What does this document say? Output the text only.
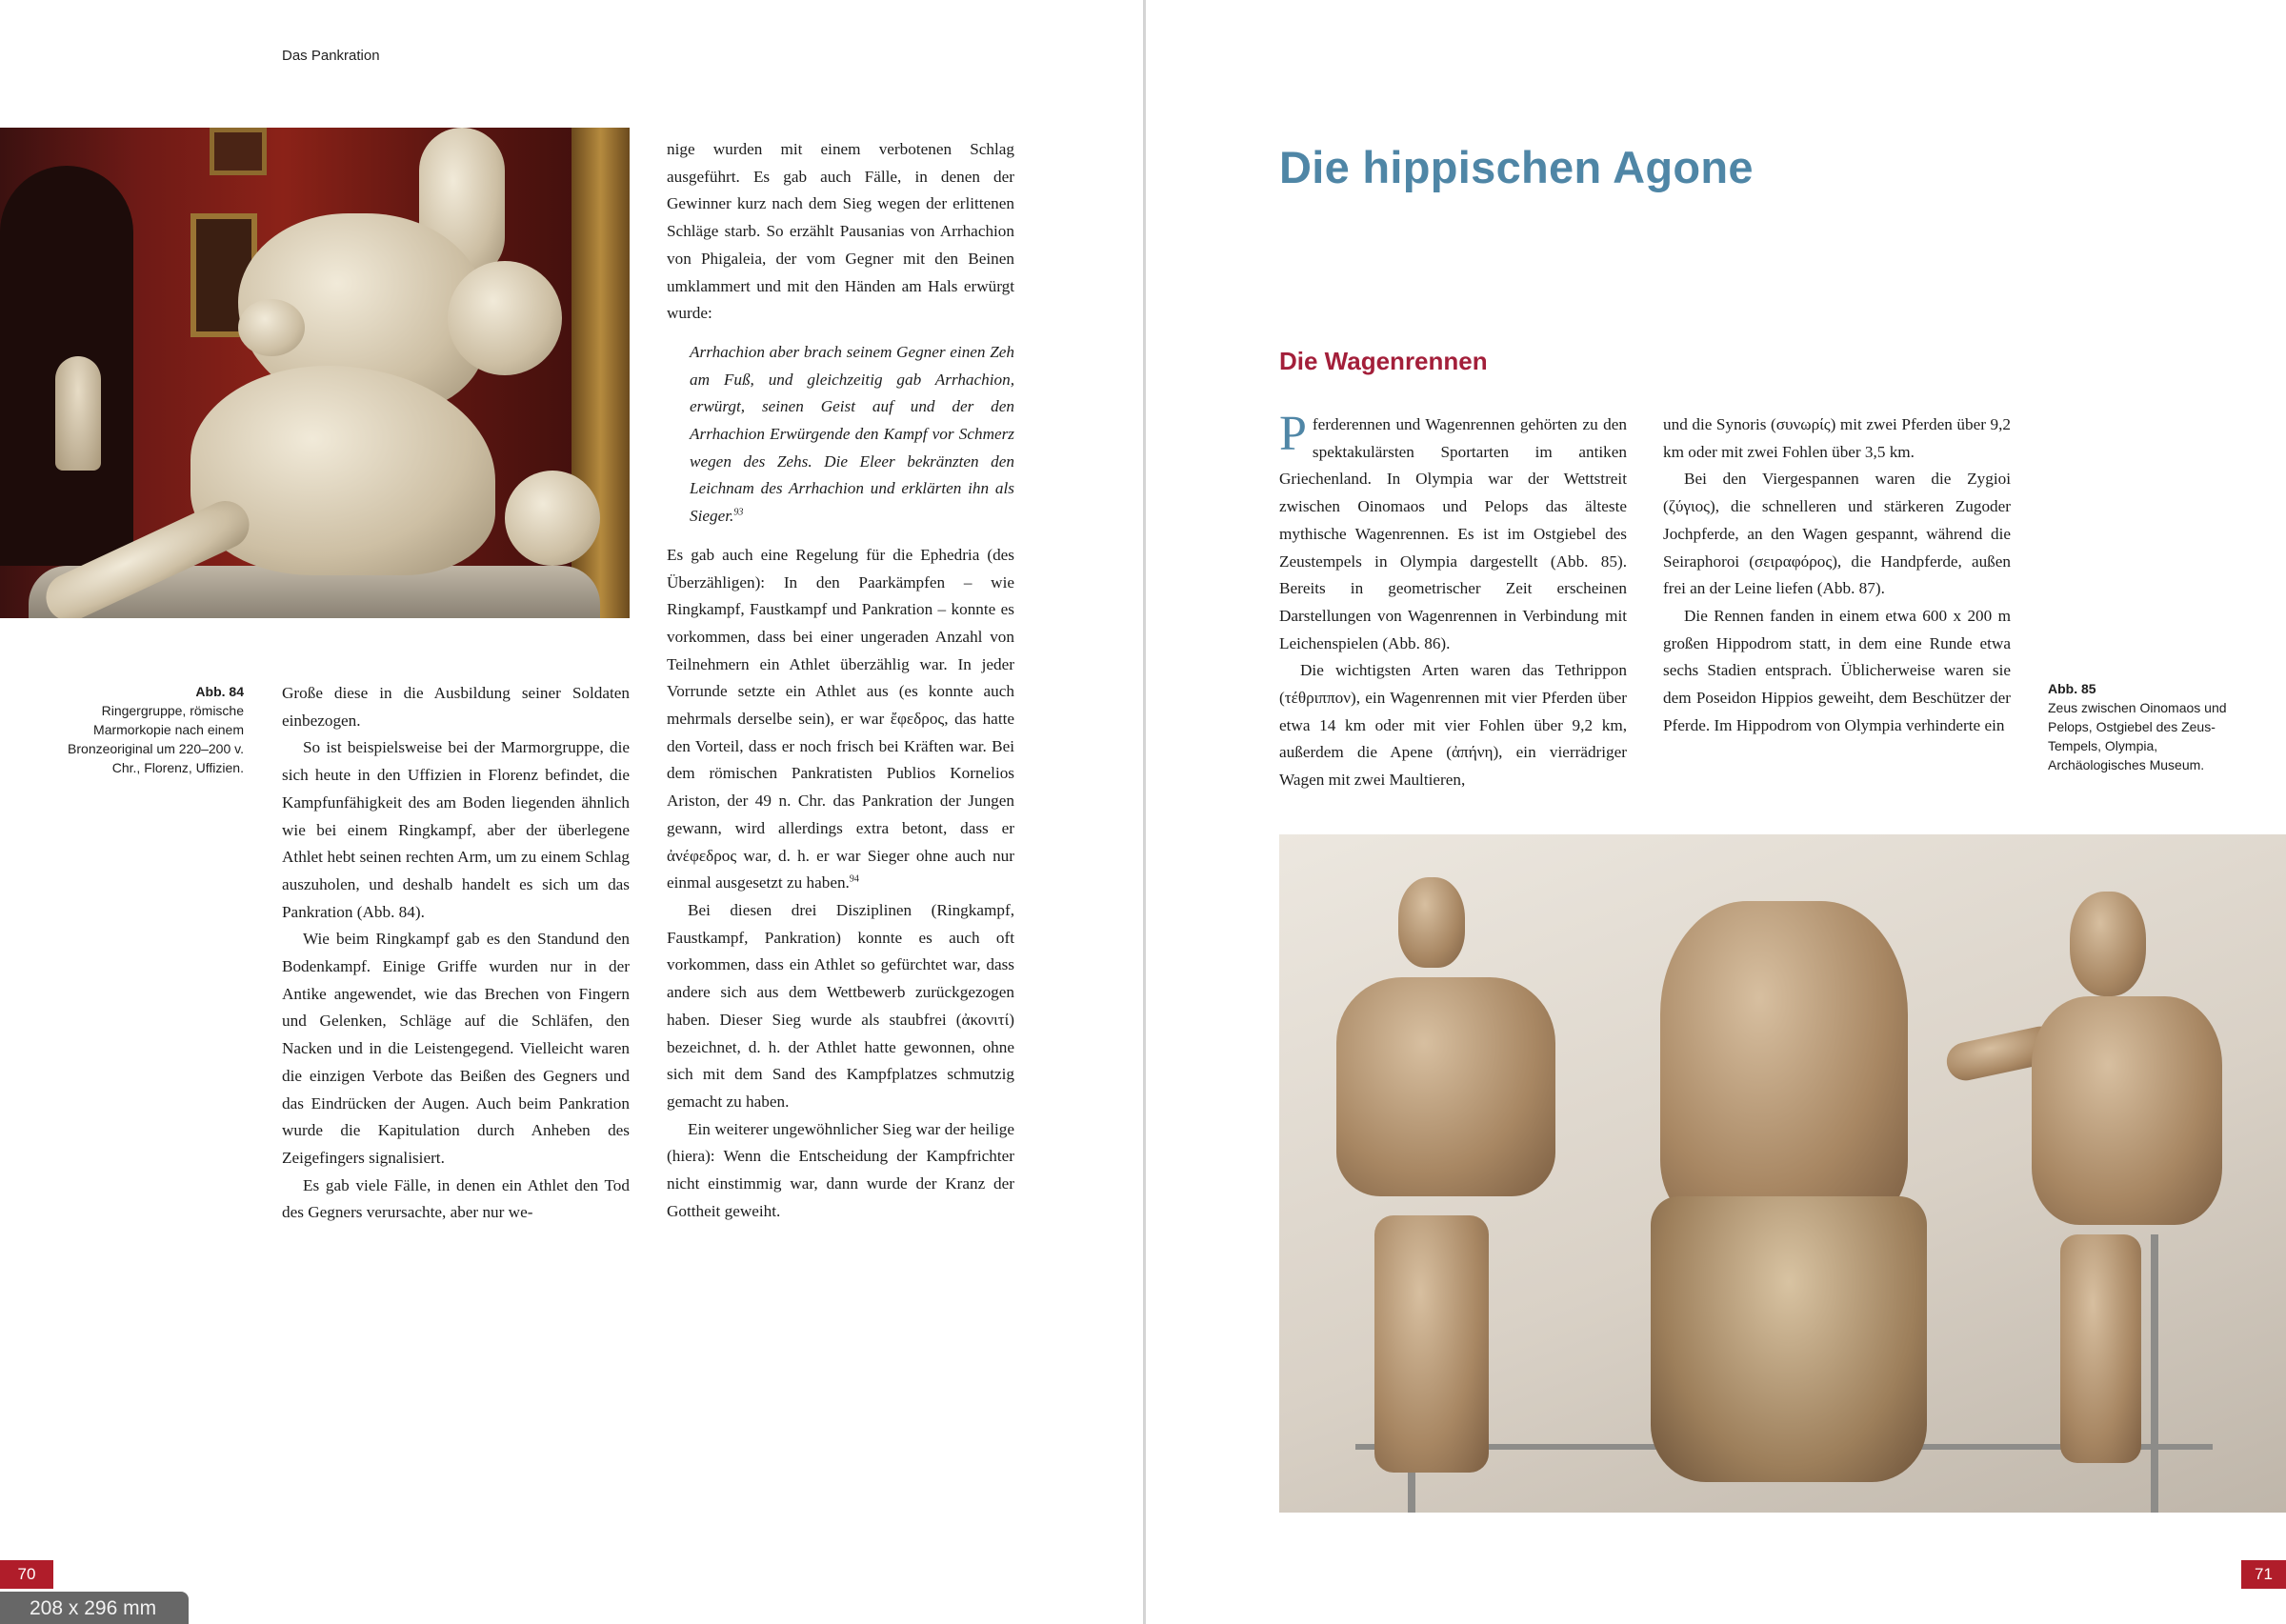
Das Pankration
Abb. 84
Ringergruppe, römische Marmorkopie nach einem Bronzeoriginal um 220–200 v. Chr., Florenz, Uffizien.

Große diese in die Ausbildung seiner Soldaten einbezogen.

So ist beispielsweise bei der Marmorgruppe, die sich heute in den Uffizien in Florenz befindet, die Kampfunfähigkeit des am Boden liegenden ähnlich wie bei einem Ringkampf, aber der überlegene Athlet hebt seinen rechten Arm, um zu einem Schlag auszuholen, und deshalb handelt es sich um das Pankration (Abb. 84).

Wie beim Ringkampf gab es den Standund den Bodenkampf. Einige Griffe wurden nur in der Antike angewendet, wie das Brechen von Fingern und Gelenken, Schläge auf die Schläfen, den Nacken und in die Leistengegend. Vielleicht waren die einzigen Verbote das Beißen des Gegners und das Eindrücken der Augen. Auch beim Pankration wurde die Kapitulation durch Anheben des Zeigefingers signalisiert.

Es gab viele Fälle, in denen ein Athlet den Tod des Gegners verursachte, aber nur we-

nige wurden mit einem verbotenen Schlag ausgeführt. Es gab auch Fälle, in denen der Gewinner kurz nach dem Sieg wegen der erlittenen Schläge starb. So erzählt Pausanias von Arrhachion von Phigaleia, der vom Gegner mit den Beinen umklammert und mit den Händen am Hals erwürgt wurde:

Arrhachion aber brach seinem Gegner einen Zeh am Fuß, und gleichzeitig gab Arrhachion, erwürgt, seinen Geist auf und der den Arrhachion Erwürgende den Kampf vor Schmerz wegen des Zehs. Die Eleer bekränzten den Leichnam des Arrhachion und erklärten ihn als Sieger.$^{93}$

Es gab auch eine Regelung für die Ephedria (des Überzähligen): In den Paarkämpfen – wie Ringkampf, Faustkampf und Pankration – konnte es vorkommen, dass bei einer ungeraden Anzahl von Teilnehmern ein Athlet überzählig war. In jeder Vorrunde setzte ein Athlet aus (es konnte auch mehrmals derselbe sein), er war ἔφεδρος, das hatte den Vorteil, dass er noch frisch bei Kräften war. Bei dem römischen Pankratisten Publios Kornelios Ariston, der 49 n. Chr. das Pankration der Jungen gewann, wird allerdings extra betont, dass er ἀνέφεδρος war, d. h. er war Sieger ohne auch nur einmal ausgesetzt zu haben.$^{94}$

Bei diesen drei Disziplinen (Ringkampf, Faustkampf, Pankration) konnte es auch oft vorkommen, dass ein Athlet so gefürchtet war, dass andere sich aus dem Wettbewerb zurückgezogen haben. Dieser Sieg wurde als staubfrei (ἀκονιτί) bezeichnet, d. h. der Athlet hatte gewonnen, ohne sich mit dem Sand des Kampfplatzes schmutzig gemacht zu haben.

Ein weiterer ungewöhnlicher Sieg war der heilige (hiera): Wenn die Entscheidung der Kampfrichter nicht einstimmig war, dann wurde der Kranz der Gottheit geweiht.

70
Die hippischen Agone
Die Wagenrennen

Pferderennen und Wagenrennen gehörten zu den spektakulärsten Sportarten im antiken Griechenland. In Olympia war der Wettstreit zwischen Oinomaos und Pelops das älteste mythische Wagenrennen. Es ist im Ostgiebel des Zeustempels in Olympia dargestellt (Abb. 85). Bereits in geometrischer Zeit erscheinen Darstellungen von Wagenrennen in Verbindung mit Leichenspielen (Abb. 86).

Die wichtigsten Arten waren das Tethrippon (τέθριππον), ein Wagenrennen mit vier Pferden über etwa 14 km oder mit vier Fohlen über 9,2 km, außerdem die Apene (ἀπήνη), ein vierrädriger Wagen mit zwei Maultieren,

und die Synoris (συνωρίς) mit zwei Pferden über 9,2 km oder mit zwei Fohlen über 3,5 km.

Bei den Viergespannen waren die Zygioi (ζύγιος), die schnelleren und stärkeren Zugoder Jochpferde, an den Wagen gespannt, während die Seiraphoroi (σειραφόρος), die Handpferde, außen frei an der Leine liefen (Abb. 87).

Die Rennen fanden in einem etwa 600 x 200 m großen Hippodrom statt, in dem eine Runde etwa sechs Stadien entsprach. Üblicherweise waren sie dem Poseidon Hippios geweiht, dem Beschützer der Pferde. Im Hippodrom von Olympia verhinderte ein

Abb. 85
Zeus zwischen Oinomaos und Pelops, Ostgiebel des Zeus-Tempels, Olympia, Archäologisches Museum.
71
208 x 296 mm
